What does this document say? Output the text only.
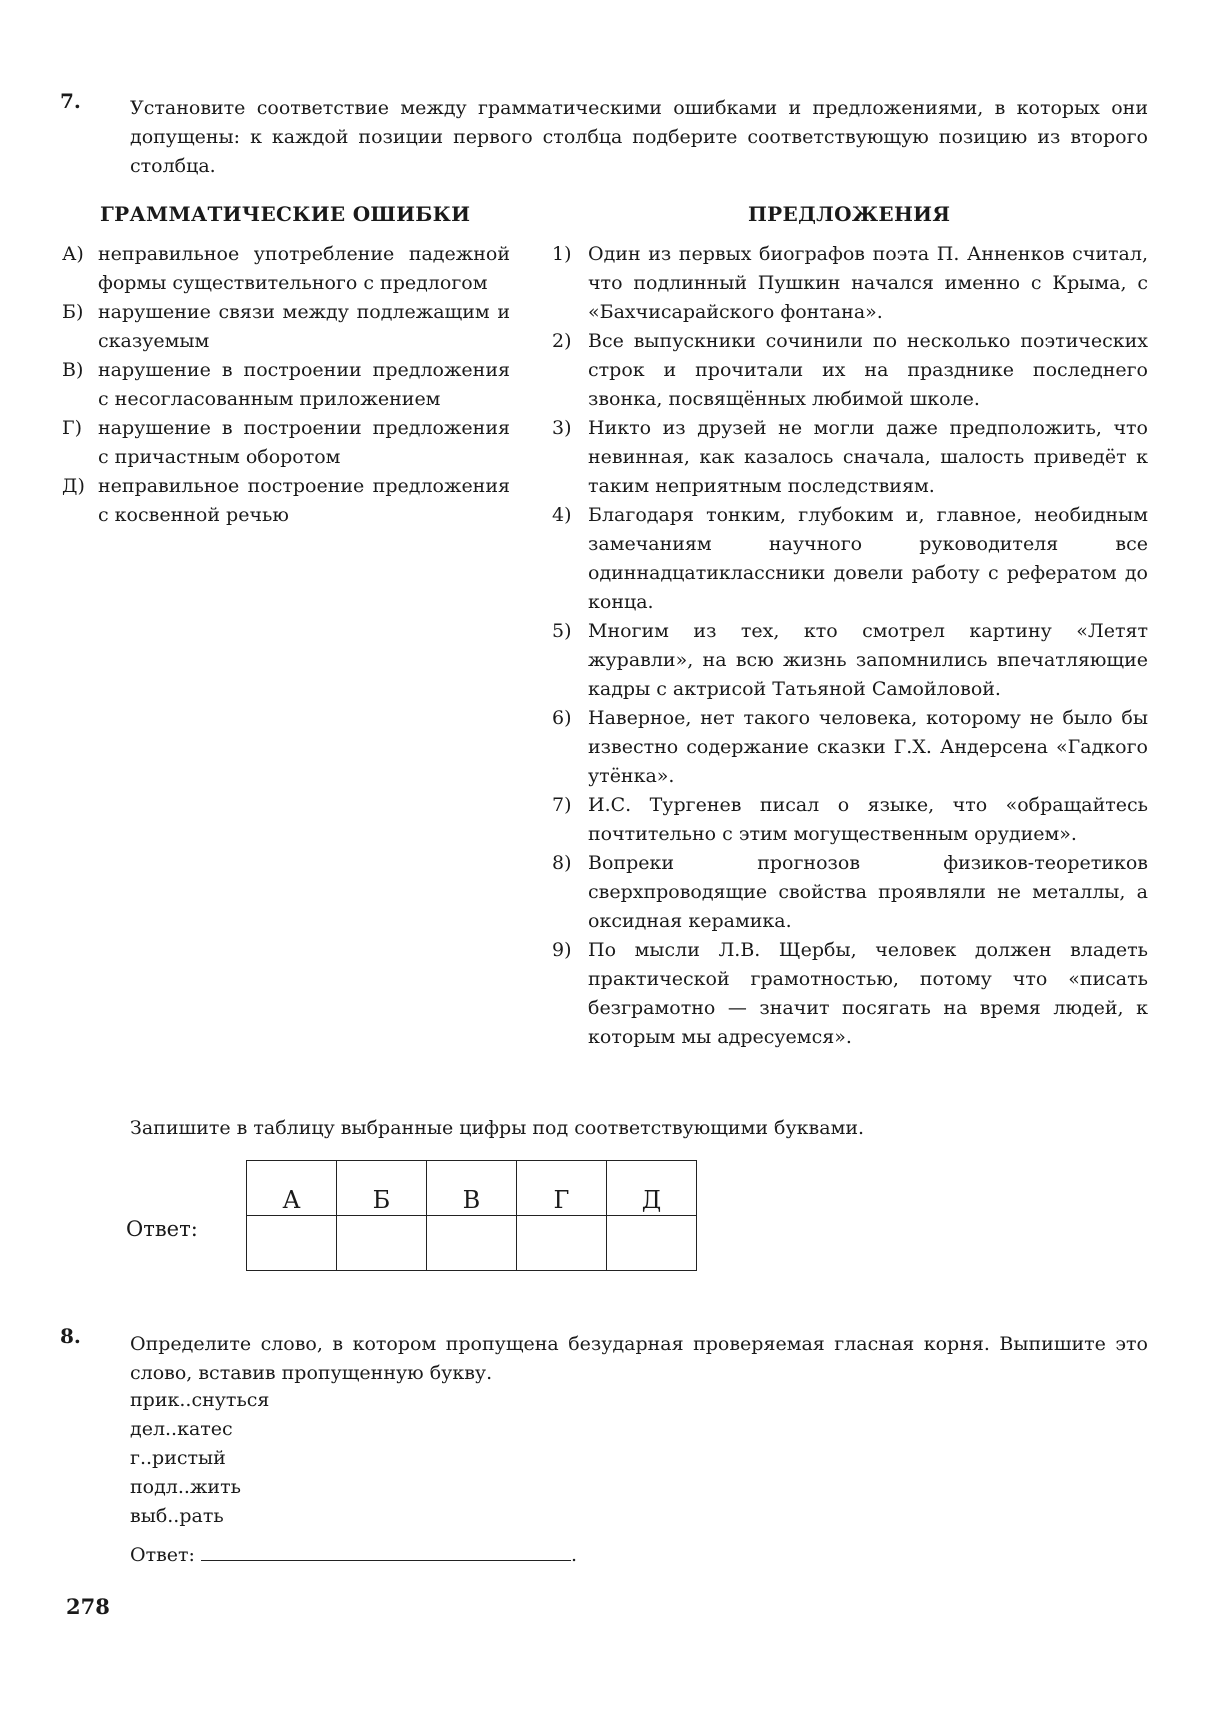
7.	Установите соответствие между грамматическими ошибками и предложениями, в которых они допущены: к каждой позиции первого столбца подберите соответствующую позицию из второго столбца.
ГРАММАТИЧЕСКИЕ ОШИБКИ	ПРЕДЛОЖЕНИЯ
А) неправильное употребление падежной формы существительного с предлогом
Б) нарушение связи между подлежащим и сказуемым
В) нарушение в построении предложения с несогласованным приложением
Г) нарушение в построении предложения с причастным оборотом
Д) неправильное построение предложения с косвенной речью
1) Один из первых биографов поэта П. Анненков считал, что подлинный Пушкин начался именно с Крыма, с «Бахчисарайского фонтана».
2) Все выпускники сочинили по несколько поэтических строк и прочитали их на празднике последнего звонка, посвящённых любимой школе.
3) Никто из друзей не могли даже предположить, что невинная, как казалось сначала, шалость приведёт к таким неприятным последствиям.
4) Благодаря тонким, глубоким и, главное, необидным замечаниям научного руководителя все одиннадцатиклассники довели работу с рефератом до конца.
5) Многим из тех, кто смотрел картину «Летят журавли», на всю жизнь запомнились впечатляющие кадры с актрисой Татьяной Самойловой.
6) Наверное, нет такого человека, которому не было бы известно содержание сказки Г.Х. Андерсена «Гадкого утёнка».
7) И.С. Тургенев писал о языке, что «обращайтесь почтительно с этим могущественным орудием».
8) Вопреки прогнозов физиков-теоретиков сверхпроводящие свойства проявляли не металлы, а оксидная керамика.
9) По мысли Л.В. Щербы, человек должен владеть практической грамотностью, потому что «писать безграмотно — значит посягать на время людей, к которым мы адресуемся».
Запишите в таблицу выбранные цифры под соответствующими буквами.
Ответ:
А	Б	В	Г	Д

8.	Определите слово, в котором пропущена безударная проверяемая гласная корня. Выпишите это слово, вставив пропущенную букву.
прик..снуться
дел..катес
г..ристый
подл..жить
выб..рать
Ответ:	.
278
